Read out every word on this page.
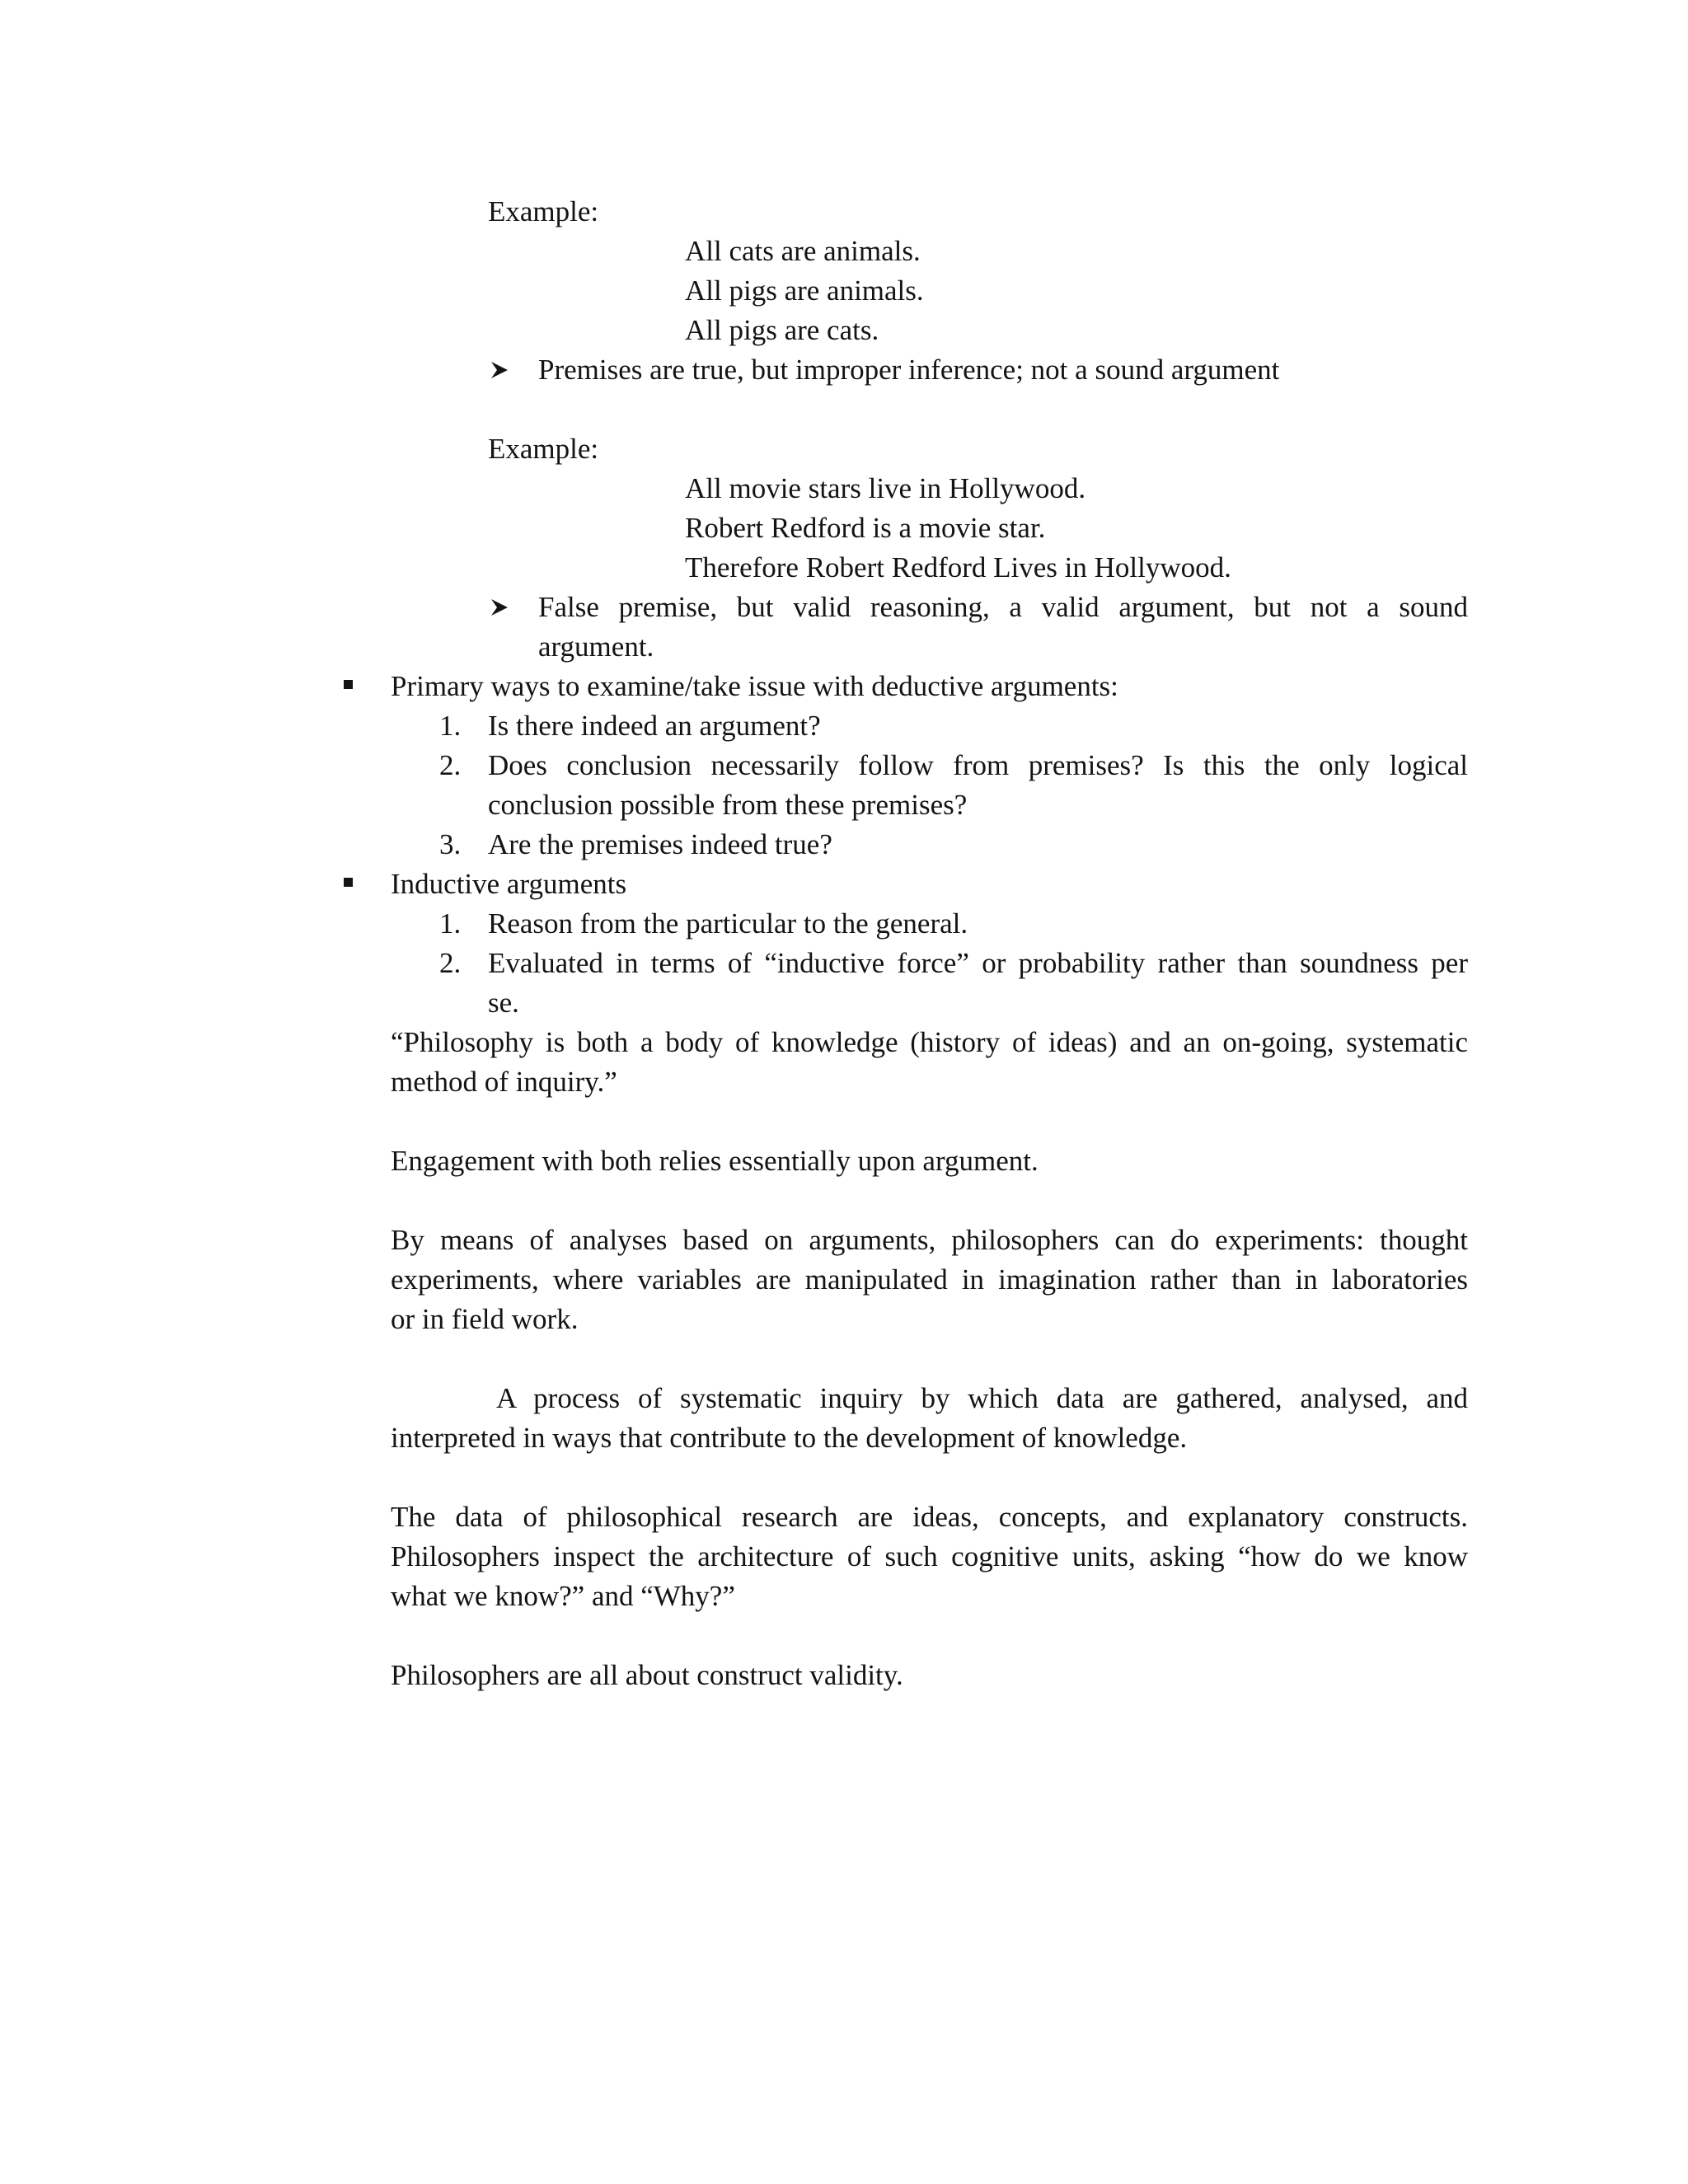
Example:
All cats are animals.
All pigs are animals.
All pigs are cats.
Premises are true, but improper inference; not a sound argument
Example:
All movie stars live in Hollywood.
Robert Redford is a movie star.
Therefore Robert Redford Lives in Hollywood.
False premise, but valid reasoning, a valid argument, but not a sound
argument.
Primary ways to examine/take issue with deductive arguments:
1. Is there indeed an argument?
2. Does conclusion necessarily follow from premises? Is this the only logical
conclusion possible from these premises?
3. Are the premises indeed true?
Inductive arguments
1. Reason from the particular to the general.
2. Evaluated in terms of “inductive force” or probability rather than soundness per
se.
“Philosophy is both a body of knowledge (history of ideas) and an on-going, systematic
method of inquiry.”
Engagement with both relies essentially upon argument.
By means of analyses based on arguments, philosophers can do experiments: thought
experiments, where variables are manipulated in imagination rather than in laboratories
or in field work.
A process of systematic inquiry by which data are gathered, analysed, and
interpreted in ways that contribute to the development of knowledge.
The data of philosophical research are ideas, concepts, and explanatory constructs.
Philosophers inspect the architecture of such cognitive units, asking “how do we know
what we know?” and “Why?”
Philosophers are all about construct validity.
